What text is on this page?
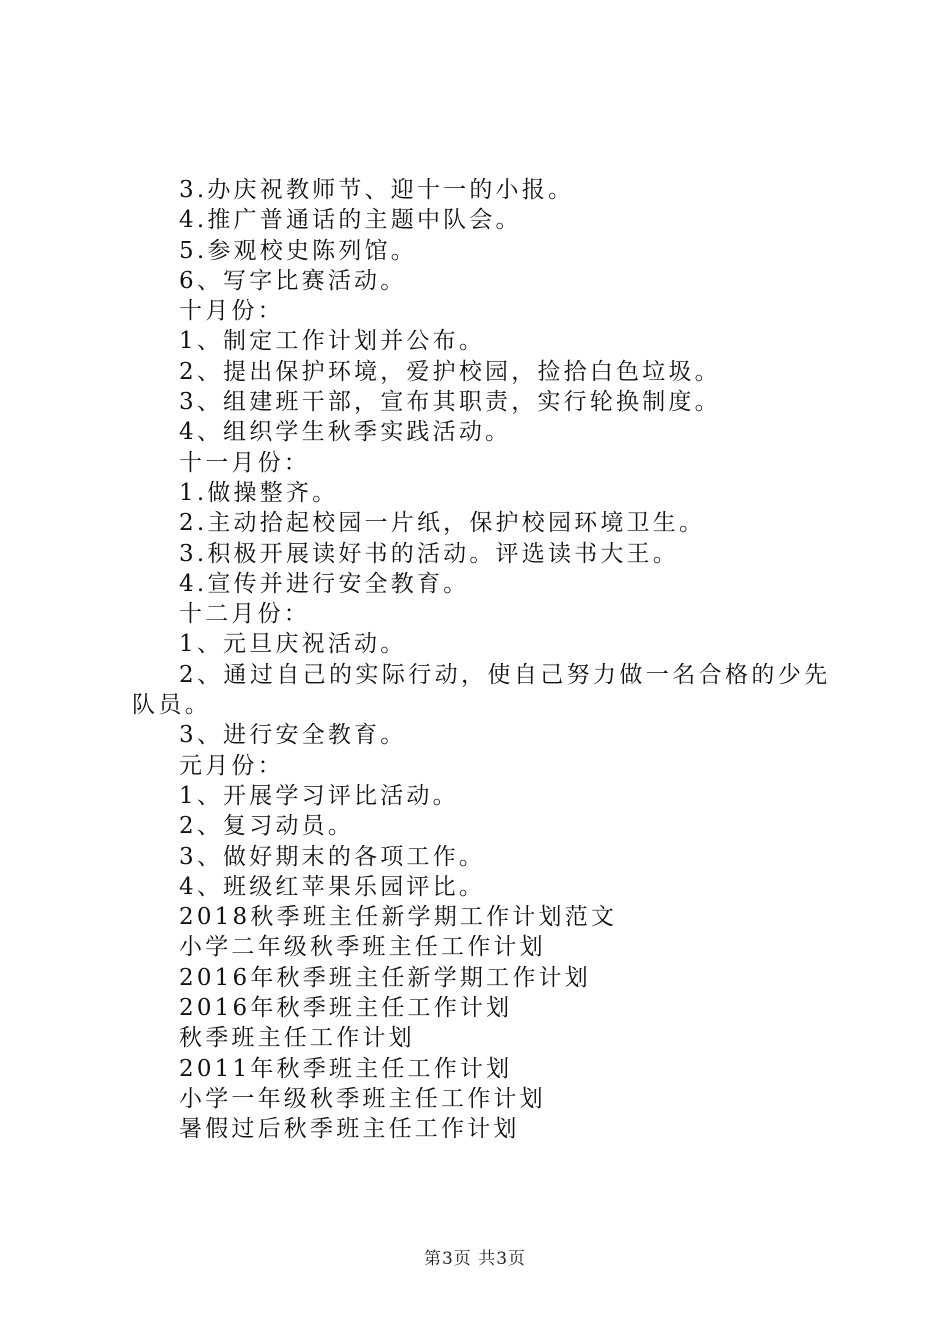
3.办庆祝教师节、迎十一的小报。
4.推广普通话的主题中队会。
5.参观校史陈列馆。
6、写字比赛活动。
十月份：
1、制定工作计划并公布。
2、提出保护环境，爱护校园，捡拾白色垃圾。
3、组建班干部，宣布其职责，实行轮换制度。
4、组织学生秋季实践活动。
十一月份：
1.做操整齐。
2.主动拾起校园一片纸，保护校园环境卫生。
3.积极开展读好书的活动。评选读书大王。
4.宣传并进行安全教育。
十二月份：
1、元旦庆祝活动。
2、通过自己的实际行动，使自己努力做一名合格的少先队员。
3、进行安全教育。
元月份：
1、开展学习评比活动。
2、复习动员。
3、做好期末的各项工作。
4、班级红苹果乐园评比。
2018秋季班主任新学期工作计划范文
小学二年级秋季班主任工作计划
2016年秋季班主任新学期工作计划
2016年秋季班主任工作计划
秋季班主任工作计划
2011年秋季班主任工作计划
小学一年级秋季班主任工作计划
暑假过后秋季班主任工作计划
第3页 共3页
